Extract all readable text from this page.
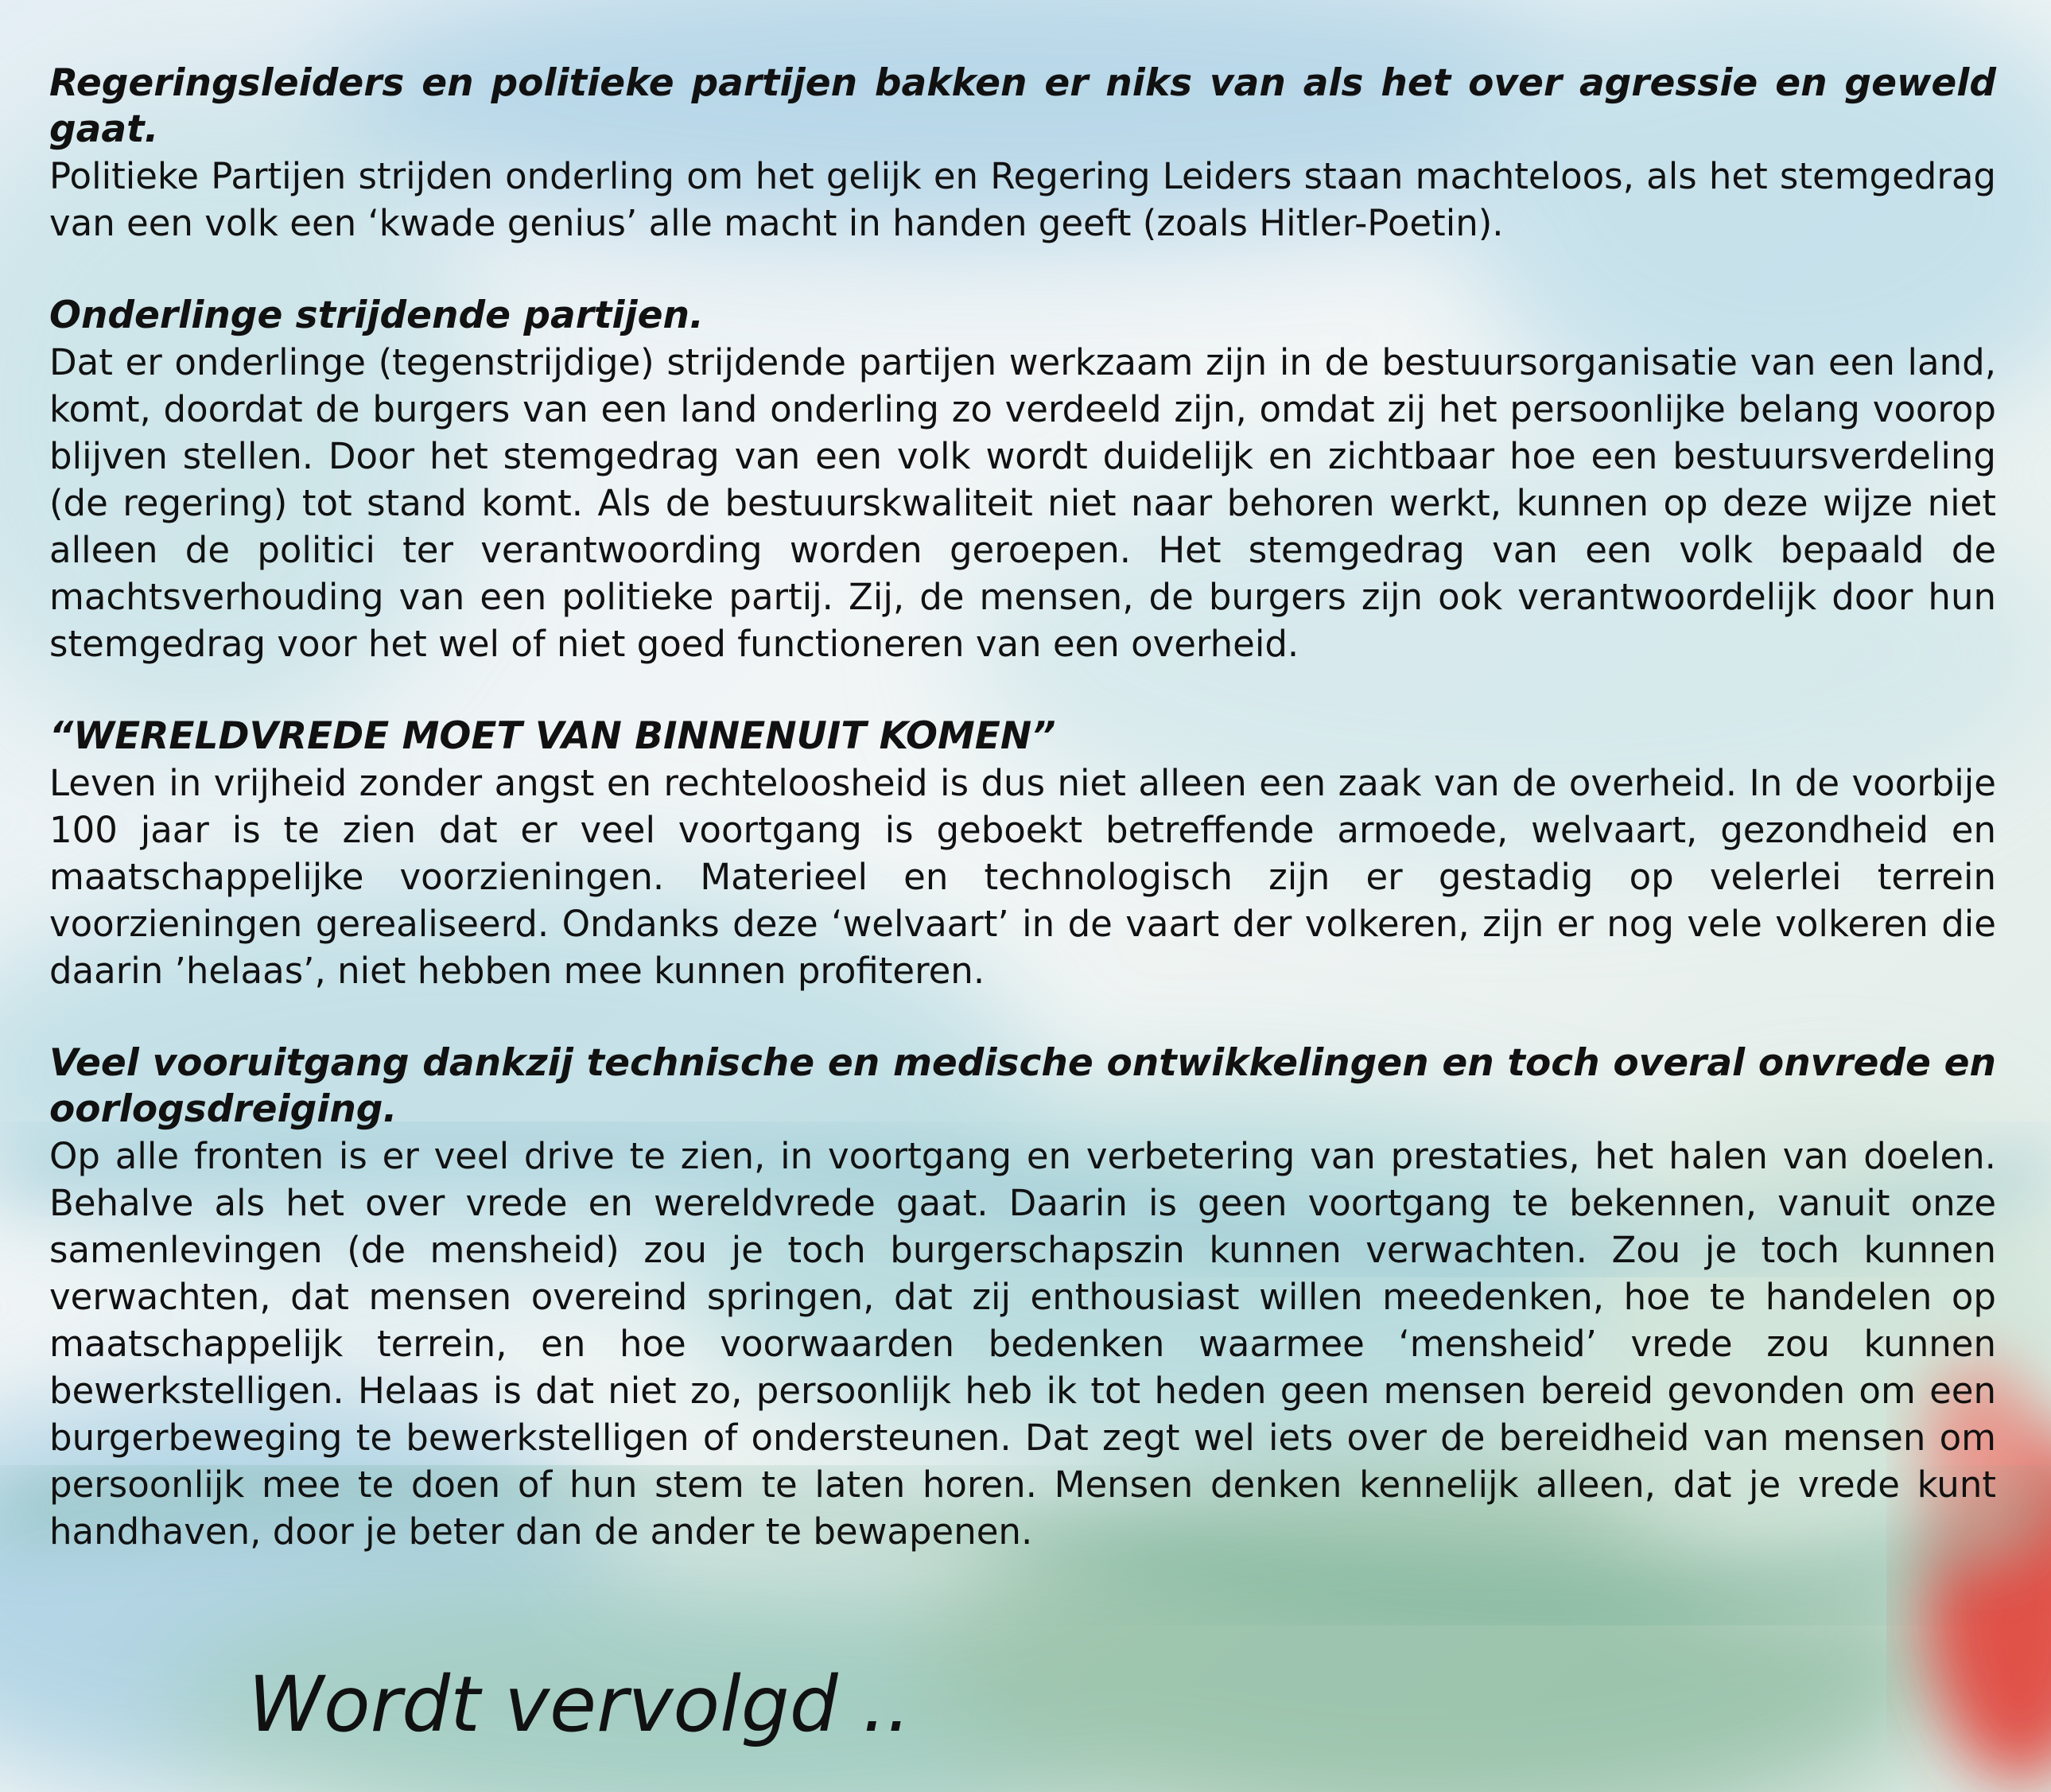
Regeringsleiders en politieke partijen bakken er niks van als het over agressie en geweld gaat.

Politieke Partijen strijden onderling om het gelijk en Regering Leiders staan machteloos, als het stemgedrag van een volk een ‘kwade genius’ alle macht in handen geeft (zoals Hitler-Poetin).

Onderlinge strijdende partijen.

Dat er onderlinge (tegenstrijdige) strijdende partijen werkzaam zijn in de bestuursorganisatie van een land, komt, doordat de burgers van een land onderling zo verdeeld zijn, omdat zij het persoonlijke belang voorop blijven stellen. Door het stemgedrag van een volk wordt duidelijk en zichtbaar hoe een bestuursverdeling (de regering) tot stand komt. Als de bestuurskwaliteit niet naar behoren werkt, kunnen op deze wijze niet alleen de politici ter verantwoording worden geroepen. Het stemgedrag van een volk bepaald de machtsverhouding van een politieke partij. Zij, de mensen, de burgers zijn ook verantwoordelijk door hun stemgedrag voor het wel of niet goed functioneren van een overheid.

“WERELDVREDE MOET VAN BINNENUIT KOMEN”

Leven in vrijheid zonder angst en rechteloosheid is dus niet alleen een zaak van de overheid. In de voorbije 100 jaar is te zien dat er veel voortgang is geboekt betreffende armoede, welvaart, gezondheid en maatschappelijke voorzieningen. Materieel en technologisch zijn er gestadig op velerlei terrein voorzieningen gerealiseerd. Ondanks deze ‘welvaart’ in de vaart der volkeren, zijn er nog vele volkeren die daarin ’helaas’, niet hebben mee kunnen profiteren.

Veel vooruitgang dankzij technische en medische ontwikkelingen en toch overal onvrede en oorlogsdreiging.

Op alle fronten is er veel drive te zien, in voortgang en verbetering van prestaties, het halen van doelen. Behalve als het over vrede en wereldvrede gaat. Daarin is geen voortgang te bekennen, vanuit onze samenlevingen (de mensheid) zou je toch burgerschapszin kunnen verwachten. Zou je toch kunnen verwachten, dat mensen overeind springen, dat zij enthousiast willen meedenken, hoe te handelen op maatschappelijk terrein, en hoe voorwaarden bedenken waarmee ‘mensheid’ vrede zou kunnen bewerkstelligen. Helaas is dat niet zo, persoonlijk heb ik tot heden geen mensen bereid gevonden om een burgerbeweging te bewerkstelligen of ondersteunen. Dat zegt wel iets over de bereidheid van mensen om persoonlijk mee te doen of hun stem te laten horen. Mensen denken kennelijk alleen, dat je vrede kunt handhaven, door je beter dan de ander te bewapenen.

Wordt vervolgd ..
